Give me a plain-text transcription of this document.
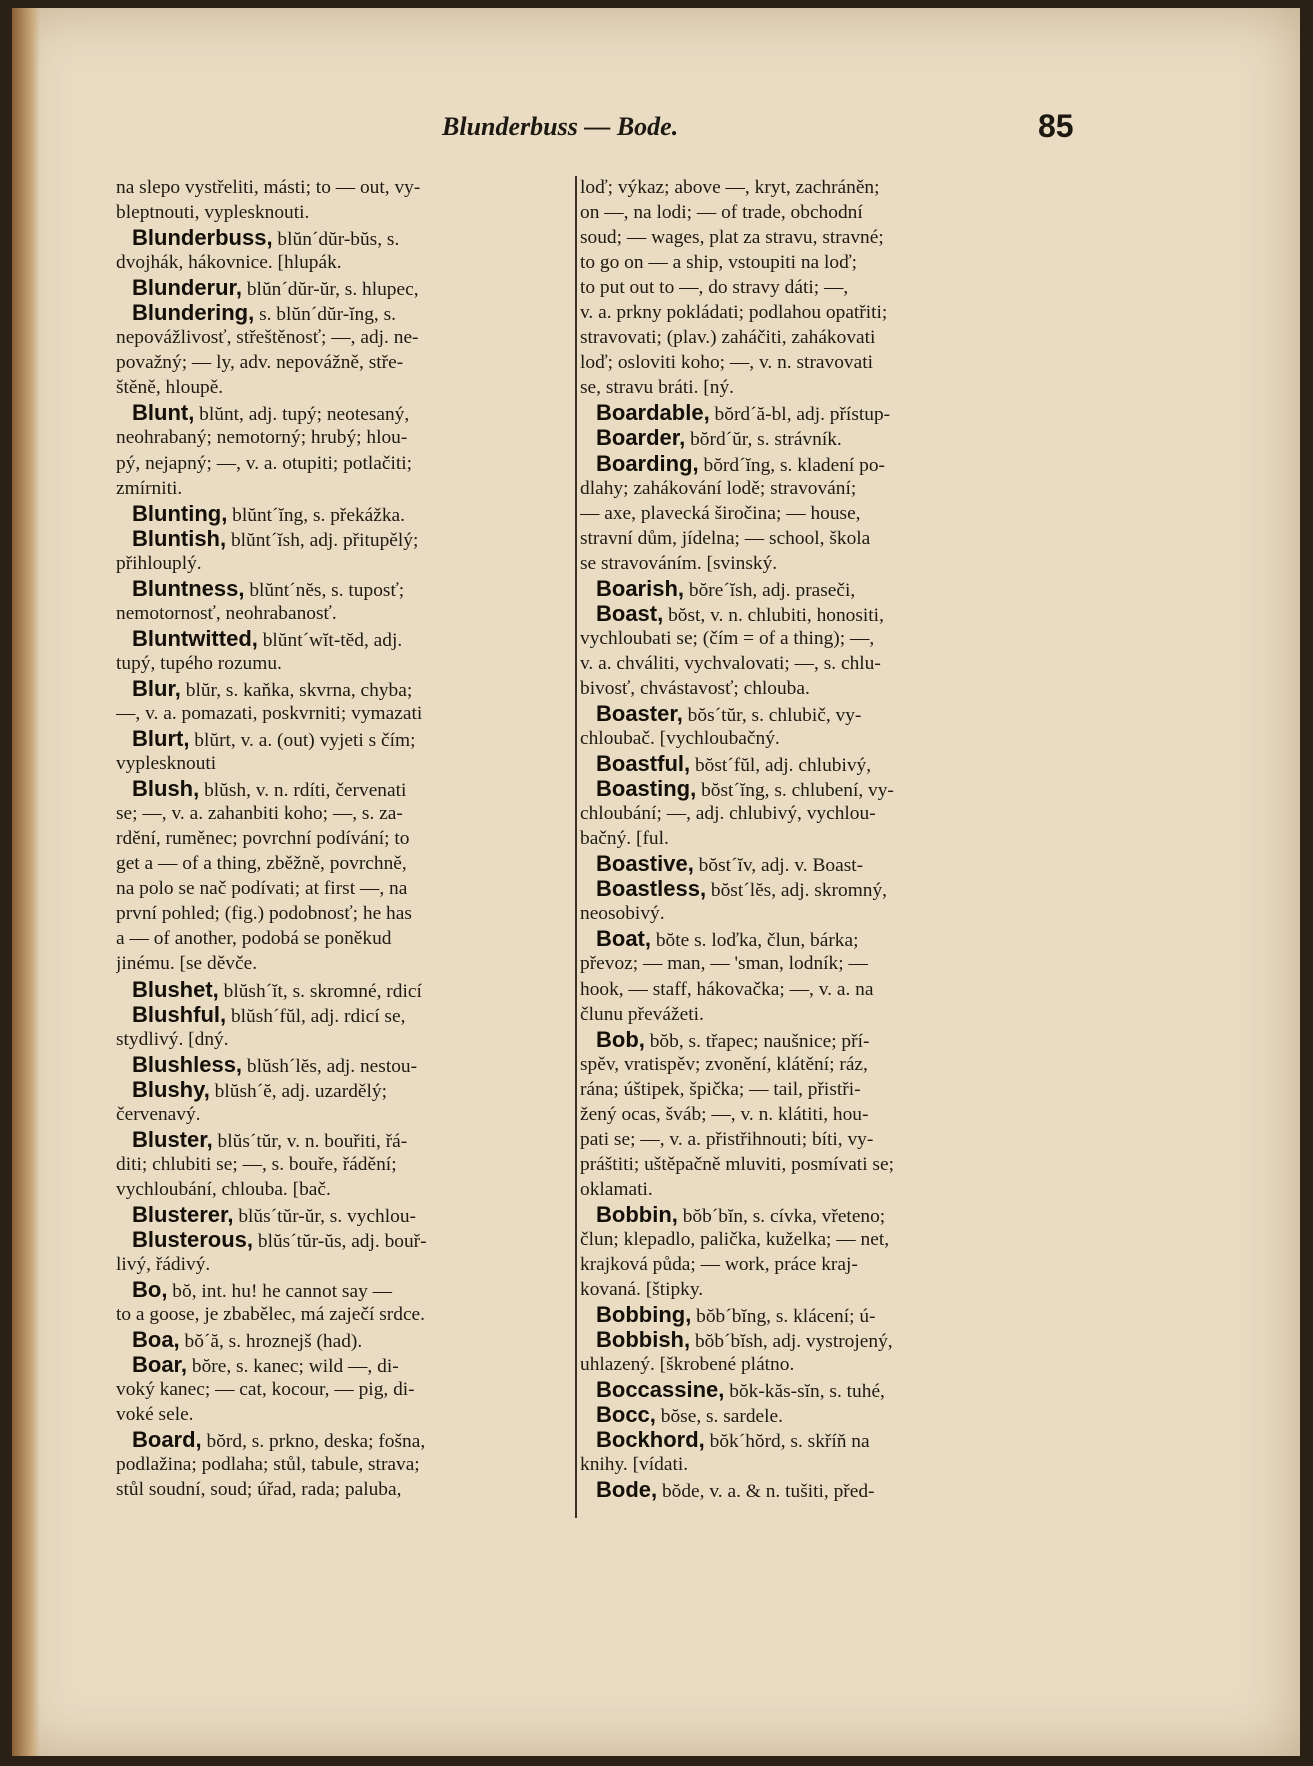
Blunderbuss — Bode.	85
na slepo vystřeliti, másti; to — out, vy-
bleptnouti, vyplesknouti.
Blunderbuss, blŭn´dŭr-bŭs, s.
dvojhák, hákovnice. [hlupák.
Blunderur, blŭn´dŭr-ŭr, s. hlupec,
Blundering, s. blŭn´dŭr-ĭng, s.
nepovážlivosť, střeštěnosť; —, adj. ne-
považný; — ly, adv. nepovážně, stře-
štěně, hloupě.
Blunt, blŭnt, adj. tupý; neotesaný,
neohrabaný; nemotorný; hrubý; hlou-
pý, nejapný; —, v. a. otupiti; potlačiti;
zmírniti.
Blunting, blŭnt´ĭng, s. překážka.
Bluntish, blŭnt´ĭsh, adj. přitupělý;
přihlouplý.
Bluntness, blŭnt´nĕs, s. tuposť;
nemotornosť, neohrabanosť.
Bluntwitted, blŭnt´wĭt-tĕd, adj.
tupý, tupého rozumu.
Blur, blŭr, s. kaňka, skvrna, chyba;
—, v. a. pomazati, poskvrniti; vymazati
Blurt, blŭrt, v. a. (out) vyjeti s čím;
vyplesknouti
Blush, blŭsh, v. n. rdíti, červenati
se; —, v. a. zahanbiti koho; —, s. za-
rdění, ruměnec; povrchní podívání; to
get a — of a thing, zběžně, povrchně,
na polo se nač podívati; at first —, na
první pohled; (fig.) podobnosť; he has
a — of another, podobá se poněkud
jinému. [se děvče.
Blushet, blŭsh´ĭt, s. skromné, rdicí
Blushful, blŭsh´fŭl, adj. rdicí se,
stydlivý. [dný.
Blushless, blŭsh´lĕs, adj. nestou-
Blushy, blŭsh´ĕ, adj. uzardělý;
červenavý.
Bluster, blŭs´tŭr, v. n. bouřiti, řá-
diti; chlubiti se; —, s. bouře, řádění;
vychloubání, chlouba. [bač.
Blusterer, blŭs´tŭr-ŭr, s. vychlou-
Blusterous, blŭs´tŭr-ŭs, adj. bouř-
livý, řádivý.
Bo, bŏ, int. hu! he cannot say —
to a goose, je zbabělec, má zaječí srdce.
Boa, bŏ´ă, s. hroznejš (had).
Boar, bŏre, s. kanec; wild —, di-
voký kanec; — cat, kocour, — pig, di-
voké sele.
Board, bŏrd, s. prkno, deska; fošna,
podlažina; podlaha; stůl, tabule, strava;
stůl soudní, soud; úřad, rada; paluba,
loď; výkaz; above —, kryt, zachráněn;
on —, na lodi; — of trade, obchodní
soud; — wages, plat za stravu, stravné;
to go on — a ship, vstoupiti na loď;
to put out to —, do stravy dáti; —,
v. a. prkny pokládati; podlahou opatřiti;
stravovati; (plav.) zaháčiti, zahákovati
loď; osloviti koho; —, v. n. stravovati
se, stravu bráti. [ný.
Boardable, bŏrd´ă-bl, adj. přístup-
Boarder, bŏrd´ŭr, s. strávník.
Boarding, bŏrd´ĭng, s. kladení po-
dlahy; zahákování lodě; stravování;
— axe, plavecká širočina; — house,
stravní dům, jídelna; — school, škola
se stravováním. [svinský.
Boarish, bŏre´ĭsh, adj. praseči,
Boast, bŏst, v. n. chlubiti, honositi,
vychloubati se; (čím = of a thing); —,
v. a. chváliti, vychvalovati; —, s. chlu-
bivosť, chvástavosť; chlouba.
Boaster, bŏs´tŭr, s. chlubič, vy-
chloubač. [vychloubačný.
Boastful, bŏst´fŭl, adj. chlubivý,
Boasting, bŏst´ĭng, s. chlubení, vy-
chloubání; —, adj. chlubivý, vychlou-
bačný. [ful.
Boastive, bŏst´ĭv, adj. v. Boast-
Boastless, bŏst´lĕs, adj. skromný,
neosobivý.
Boat, bŏte s. loďka, člun, bárka;
převoz; — man, — 'sman, lodník; —
hook, — staff, hákovačka; —, v. a. na
člunu převážeti.
Bob, bŏb, s. třapec; naušnice; pří-
spěv, vratispěv; zvonění, klátění; ráz,
rána; úštipek, špička; — tail, přistři-
žený ocas, šváb; —, v. n. klátiti, hou-
pati se; —, v. a. přistřihnouti; bíti, vy-
práštiti; uštěpačně mluviti, posmívati se;
oklamati.
Bobbin, bŏb´bĭn, s. cívka, vřeteno;
člun; klepadlo, palička, kuželka; — net,
krajková půda; — work, práce kraj-
kovaná. [štipky.
Bobbing, bŏb´bĭng, s. klácení; ú-
Bobbish, bŏb´bĭsh, adj. vystrojený,
uhlazený. [škrobené plátno.
Boccassine, bŏk-kăs-sĭn, s. tuhé,
Bocc, bŏse, s. sardele.
Bockhord, bŏk´hŏrd, s. skříň na
knihy. [vídati.
Bode, bŏde, v. a. & n. tušiti, před-
